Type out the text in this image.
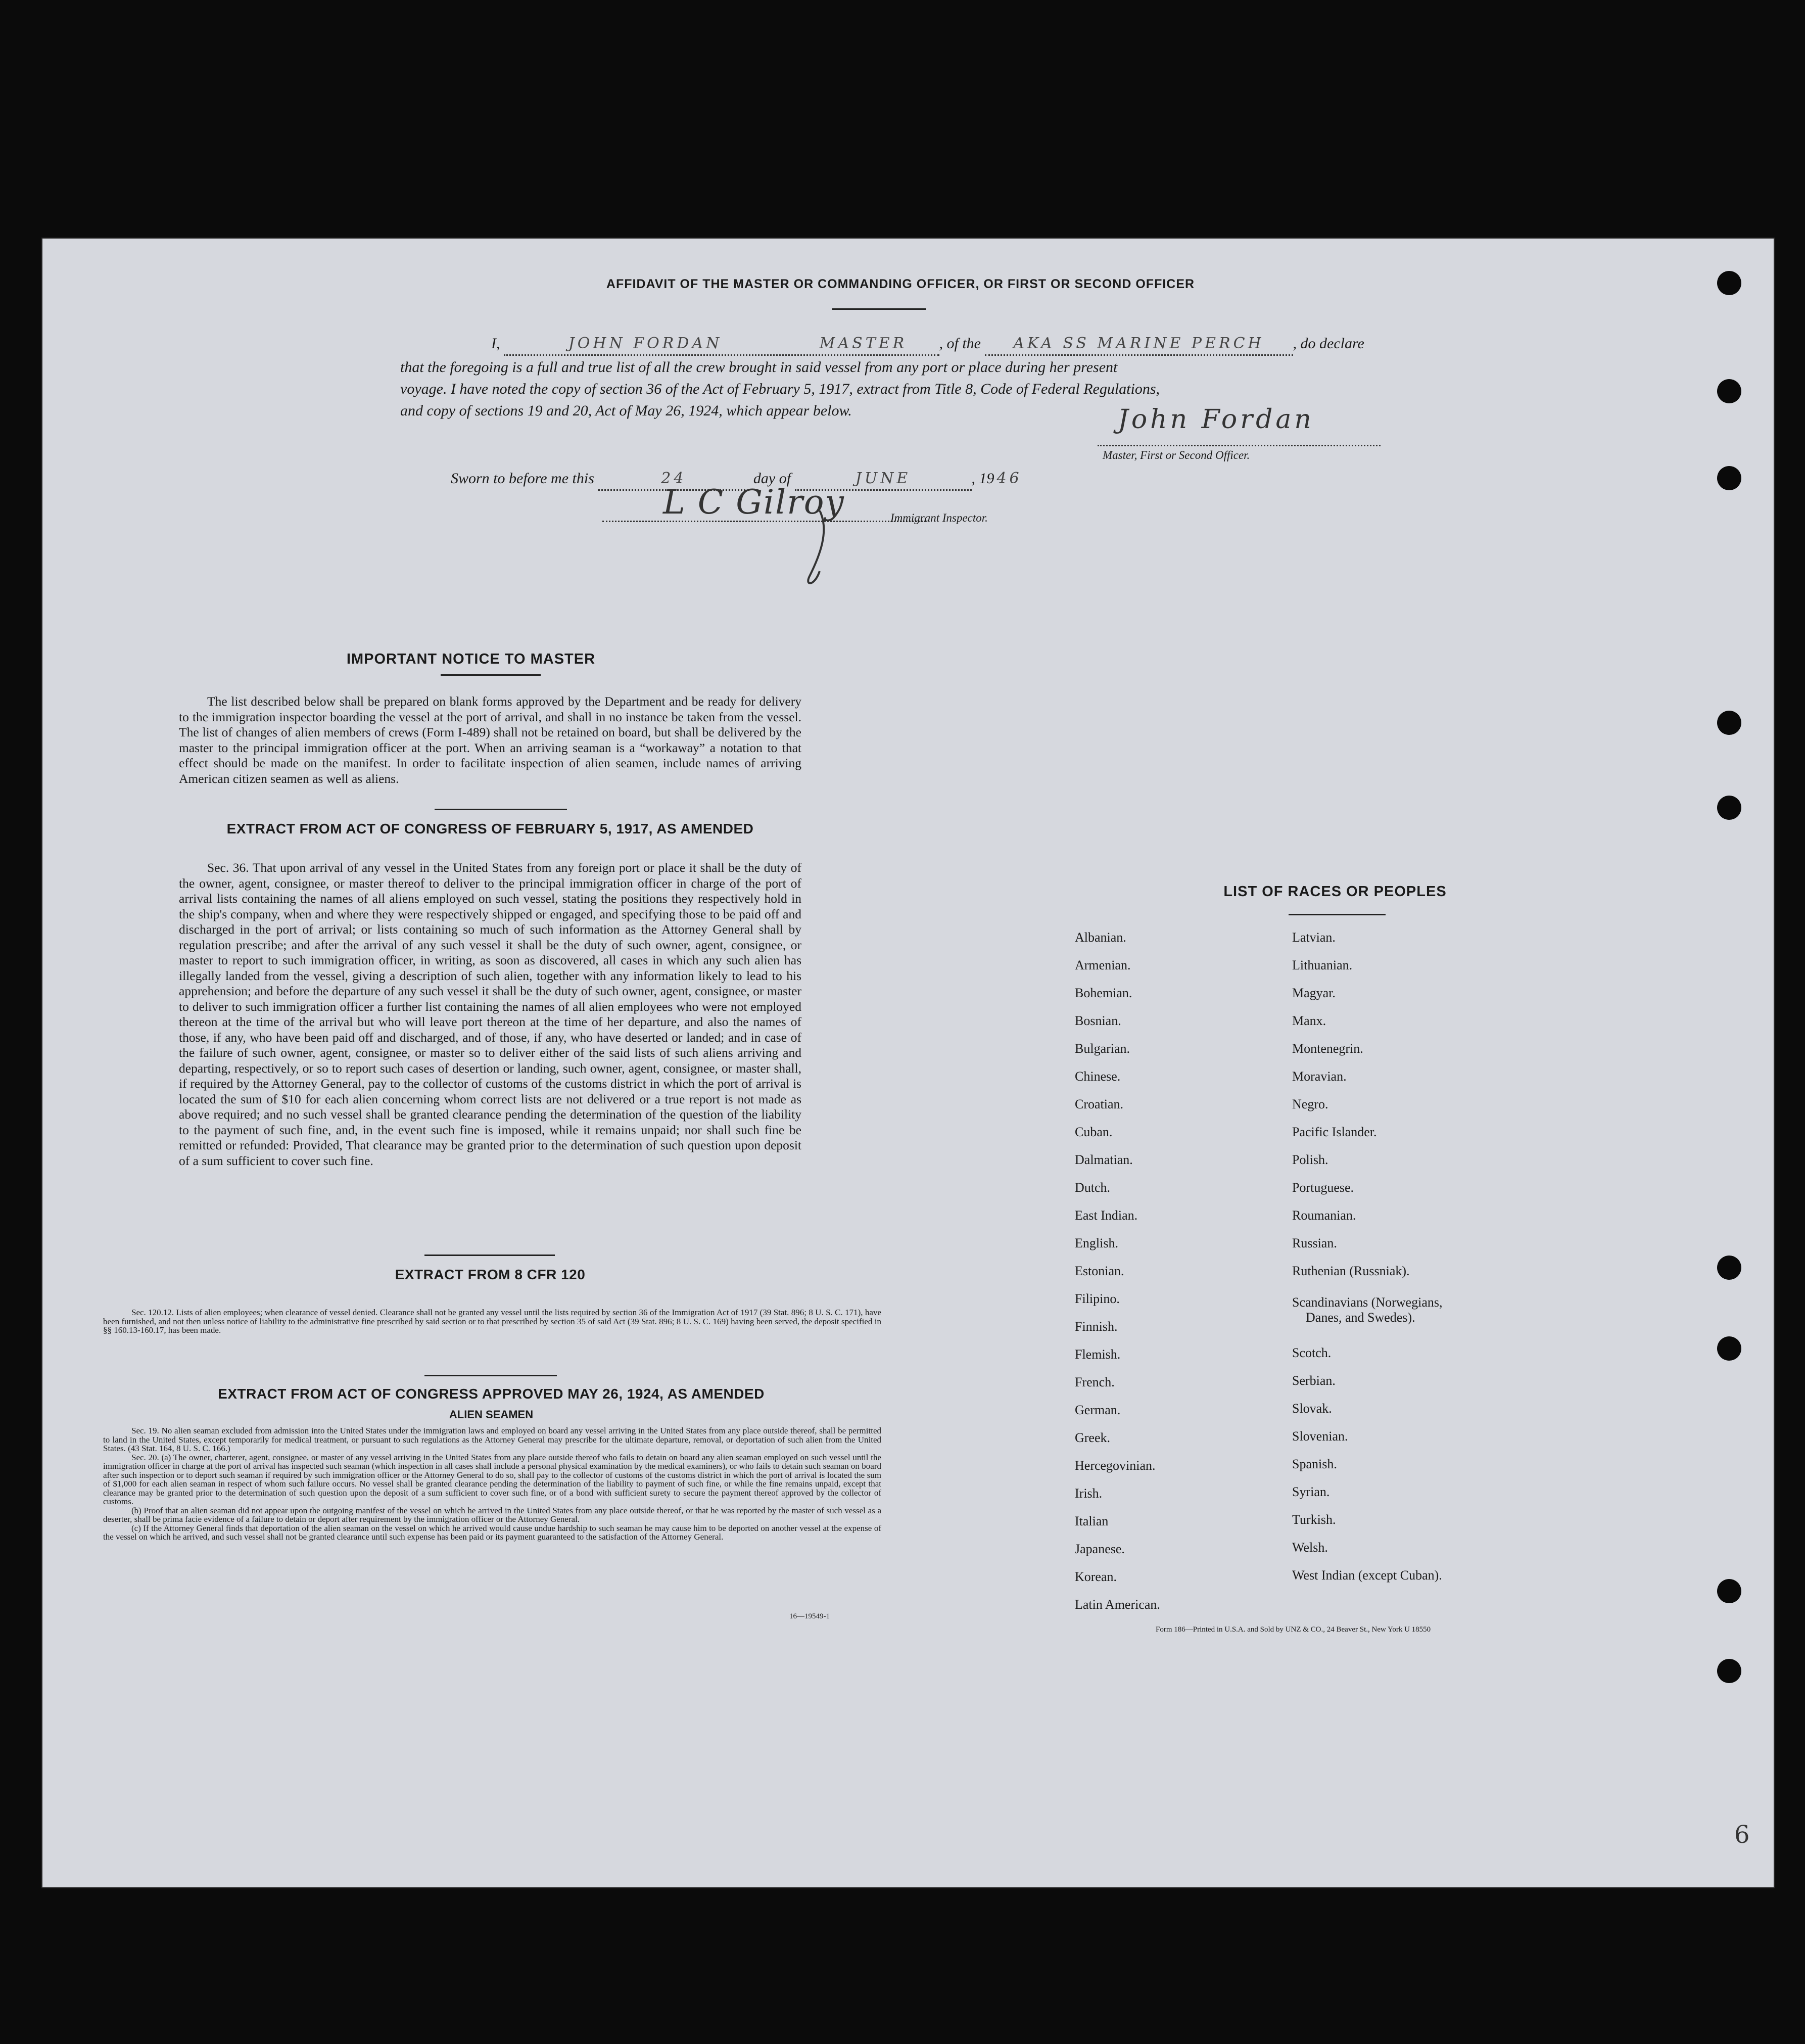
AFFIDAVIT OF THE MASTER OR COMMANDING OFFICER, OR FIRST OR SECOND OFFICER
I,	JOHN FORDAN	MASTER , of the AKA SS MARINE PERCH , do declare
that the foregoing is a full and true list of all the crew brought in said vessel from any port or place during her present
voyage. I have noted the copy of section 36 of the Act of February 5, 1917, extract from Title 8, Code of Federal Regulations,
and copy of sections 19 and 20, Act of May 26, 1924, which appear below.	John Fordan
Master, First or Second Officer.
Sworn to before me this	24	day of	JUNE	, 19 46
L C Gilroy	Immigrant Inspector.
IMPORTANT NOTICE TO MASTER

The list described below shall be prepared on blank forms approved by the Department and be ready for delivery to the immigration inspector boarding the vessel at the port of arrival, and shall in no instance be taken from the vessel. The list of changes of alien members of crews (Form I-489) shall not be retained on board, but shall be delivered by the master to the principal immigration officer at the port. When an arriving seaman is a “workaway” a notation to that effect should be made on the manifest. In order to facilitate inspection of alien seamen, include names of arriving American citizen seamen as well as aliens.

EXTRACT FROM ACT OF CONGRESS OF FEBRUARY 5, 1917, AS AMENDED

Sec. 36. That upon arrival of any vessel in the United States from any foreign port or place it shall be the duty of the owner, agent, consignee, or master thereof to deliver to the principal immigration officer in charge of the port of arrival lists containing the names of all aliens employed on such vessel, stating the positions they respectively hold in the ship's company, when and where they were respectively shipped or engaged, and specifying those to be paid off and discharged in the port of arrival; or lists containing so much of such information as the Attorney General shall by regulation prescribe; and after the arrival of any such vessel it shall be the duty of such owner, agent, consignee, or master to report to such immigration officer, in writing, as soon as discovered, all cases in which any such alien has illegally landed from the vessel, giving a description of such alien, together with any information likely to lead to his apprehension; and before the departure of any such vessel it shall be the duty of such owner, agent, consignee, or master to deliver to such immigration officer a further list containing the names of all alien employees who were not employed thereon at the time of the arrival but who will leave port thereon at the time of her departure, and also the names of those, if any, who have been paid off and discharged, and of those, if any, who have deserted or landed; and in case of the failure of such owner, agent, consignee, or master so to deliver either of the said lists of such aliens arriving and departing, respectively, or so to report such cases of desertion or landing, such owner, agent, consignee, or master shall, if required by the Attorney General, pay to the collector of customs of the customs district in which the port of arrival is located the sum of $10 for each alien concerning whom correct lists are not delivered or a true report is not made as above required; and no such vessel shall be granted clearance pending the determination of the question of the liability to the payment of such fine, and, in the event such fine is imposed, while it remains unpaid; nor shall such fine be remitted or refunded: Provided, That clearance may be granted prior to the determination of such question upon deposit of a sum sufficient to cover such fine.

EXTRACT FROM 8 CFR 120

Sec. 120.12. Lists of alien employees; when clearance of vessel denied. Clearance shall not be granted any vessel until the lists required by section 36 of the Immigration Act of 1917 (39 Stat. 896; 8 U. S. C. 171), have been furnished, and not then unless notice of liability to the administrative fine prescribed by said section or to that prescribed by section 35 of said Act (39 Stat. 896; 8 U. S. C. 169) having been served, the deposit specified in §§ 160.13-160.17, has been made.

EXTRACT FROM ACT OF CONGRESS APPROVED MAY 26, 1924, AS AMENDED
ALIEN SEAMEN

Sec. 19. No alien seaman excluded from admission into the United States under the immigration laws and employed on board any vessel arriving in the United States from any place outside thereof, shall be permitted to land in the United States, except temporarily for medical treatment, or pursuant to such regulations as the Attorney General may prescribe for the ultimate departure, removal, or deportation of such alien from the United States. (43 Stat. 164, 8 U. S. C. 166.)

Sec. 20. (a) The owner, charterer, agent, consignee, or master of any vessel arriving in the United States from any place outside thereof who fails to detain on board any alien seaman employed on such vessel until the immigration officer in charge at the port of arrival has inspected such seaman (which inspection in all cases shall include a personal physical examination by the medical examiners), or who fails to detain such seaman on board after such inspection or to deport such seaman if required by such immigration officer or the Attorney General to do so, shall pay to the collector of customs of the customs district in which the port of arrival is located the sum of $1,000 for each alien seaman in respect of whom such failure occurs. No vessel shall be granted clearance pending the determination of the liability to payment of such fine, or while the fine remains unpaid, except that clearance may be granted prior to the determination of such question upon the deposit of a sum sufficient to cover such fine, or of a bond with sufficient surety to secure the payment thereof approved by the collector of customs.

(b) Proof that an alien seaman did not appear upon the outgoing manifest of the vessel on which he arrived in the United States from any place outside thereof, or that he was reported by the master of such vessel as a deserter, shall be prima facie evidence of a failure to detain or deport after requirement by the immigration officer or the Attorney General.

(c) If the Attorney General finds that deportation of the alien seaman on the vessel on which he arrived would cause undue hardship to such seaman he may cause him to be deported on another vessel at the expense of the vessel on which he arrived, and such vessel shall not be granted clearance until such expense has been paid or its payment guaranteed to the satisfaction of the Attorney General.

16—19549-1
LIST OF RACES OR PEOPLES
Albanian.
Armenian.
Bohemian.
Bosnian.
Bulgarian.
Chinese.
Croatian.
Cuban.
Dalmatian.
Dutch.
East Indian.
English.
Estonian.
Filipino.
Finnish.
Flemish.
French.
German.
Greek.
Hercegovinian.
Irish.
Italian
Japanese.
Korean.
Latin American.
Latvian.
Lithuanian.
Magyar.
Manx.
Montenegrin.
Moravian.
Negro.
Pacific Islander.
Polish.
Portuguese.
Roumanian.
Russian.
Ruthenian (Russniak).
Scotch.
Serbian.
Slovak.
Slovenian.
Spanish.
Syrian.
Turkish.
Welsh.
West Indian (except Cuban).
Scandinavians (Norwegians,
Danes, and Swedes).
Form 186—Printed in U.S.A. and Sold by UNZ & CO., 24 Beaver St., New York U 18550
6
